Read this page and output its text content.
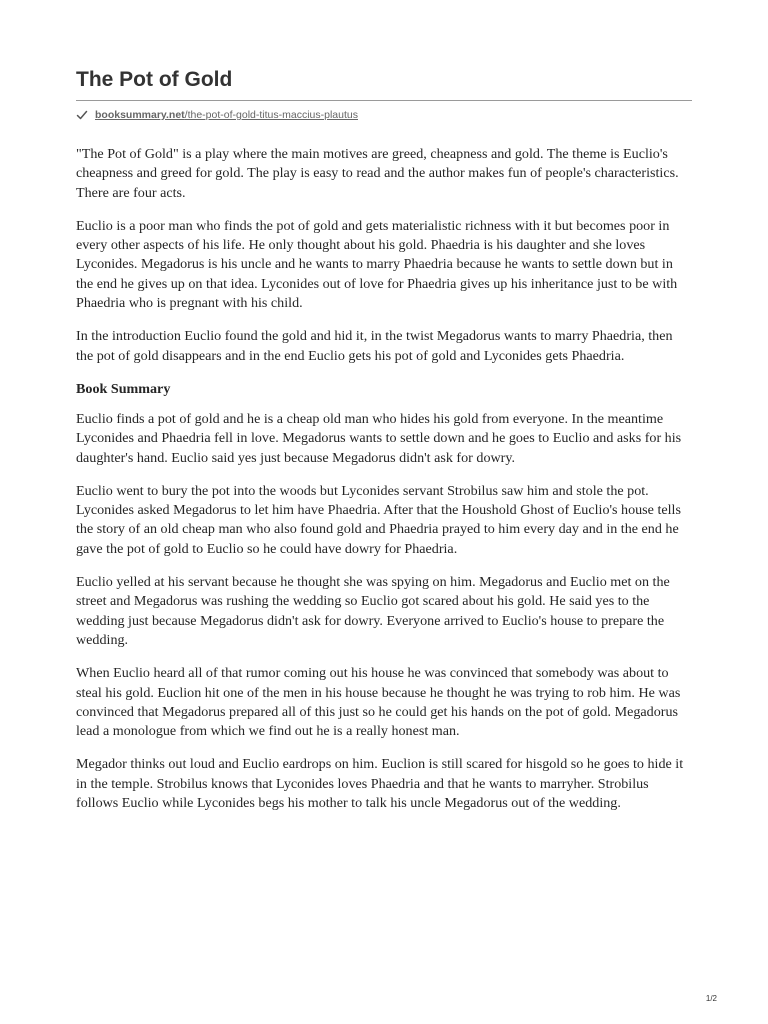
The Pot of Gold
booksummary.net/the-pot-of-gold-titus-maccius-plautus

"The Pot of Gold" is a play where the main motives are greed, cheapness and gold. The theme is Euclio's cheapness and greed for gold. The play is easy to read and the author makes fun of people's characteristics. There are four acts.

Euclio is a poor man who finds the pot of gold and gets materialistic richness with it but becomes poor in every other aspects of his life. He only thought about his gold. Phaedria is his daughter and she loves Lyconides. Megadorus is his uncle and he wants to marry Phaedria because he wants to settle down but in the end he gives up on that idea. Lyconides out of love for Phaedria gives up his inheritance just to be with Phaedria who is pregnant with his child.

In the introduction Euclio found the gold and hid it, in the twist Megadorus wants to marry Phaedria, then the pot of gold disappears and in the end Euclio gets his pot of gold and Lyconides gets Phaedria.

Book Summary

Euclio finds a pot of gold and he is a cheap old man who hides his gold from everyone. In the meantime Lyconides and Phaedria fell in love. Megadorus wants to settle down and he goes to Euclio and asks for his daughter's hand. Euclio said yes just because Megadorus didn't ask for dowry.

Euclio went to bury the pot into the woods but Lyconides servant Strobilus saw him and stole the pot. Lyconides asked Megadorus to let him have Phaedria. After that the Houshold Ghost of Euclio's house tells the story of an old cheap man who also found gold and Phaedria prayed to him every day and in the end he gave the pot of gold to Euclio so he could have dowry for Phaedria.

Euclio yelled at his servant because he thought she was spying on him. Megadorus and Euclio met on the street and Megadorus was rushing the wedding so Euclio got scared about his gold. He said yes to the wedding just because Megadorus didn't ask for dowry. Everyone arrived to Euclio's house to prepare the wedding.

When Euclio heard all of that rumor coming out his house he was convinced that somebody was about to steal his gold. Euclion hit one of the men in his house because he thought he was trying to rob him. He was convinced that Megadorus prepared all of this just so he could get his hands on the pot of gold. Megadorus lead a monologue from which we find out he is a really honest man.

Megador thinks out loud and Euclio eardrops on him. Euclion is still scared for hisgold so he goes to hide it in the temple. Strobilus knows that Lyconides loves Phaedria and that he wants to marryher. Strobilus follows Euclio while Lyconides begs his mother to talk his uncle Megadorus out of the wedding.

1/2
